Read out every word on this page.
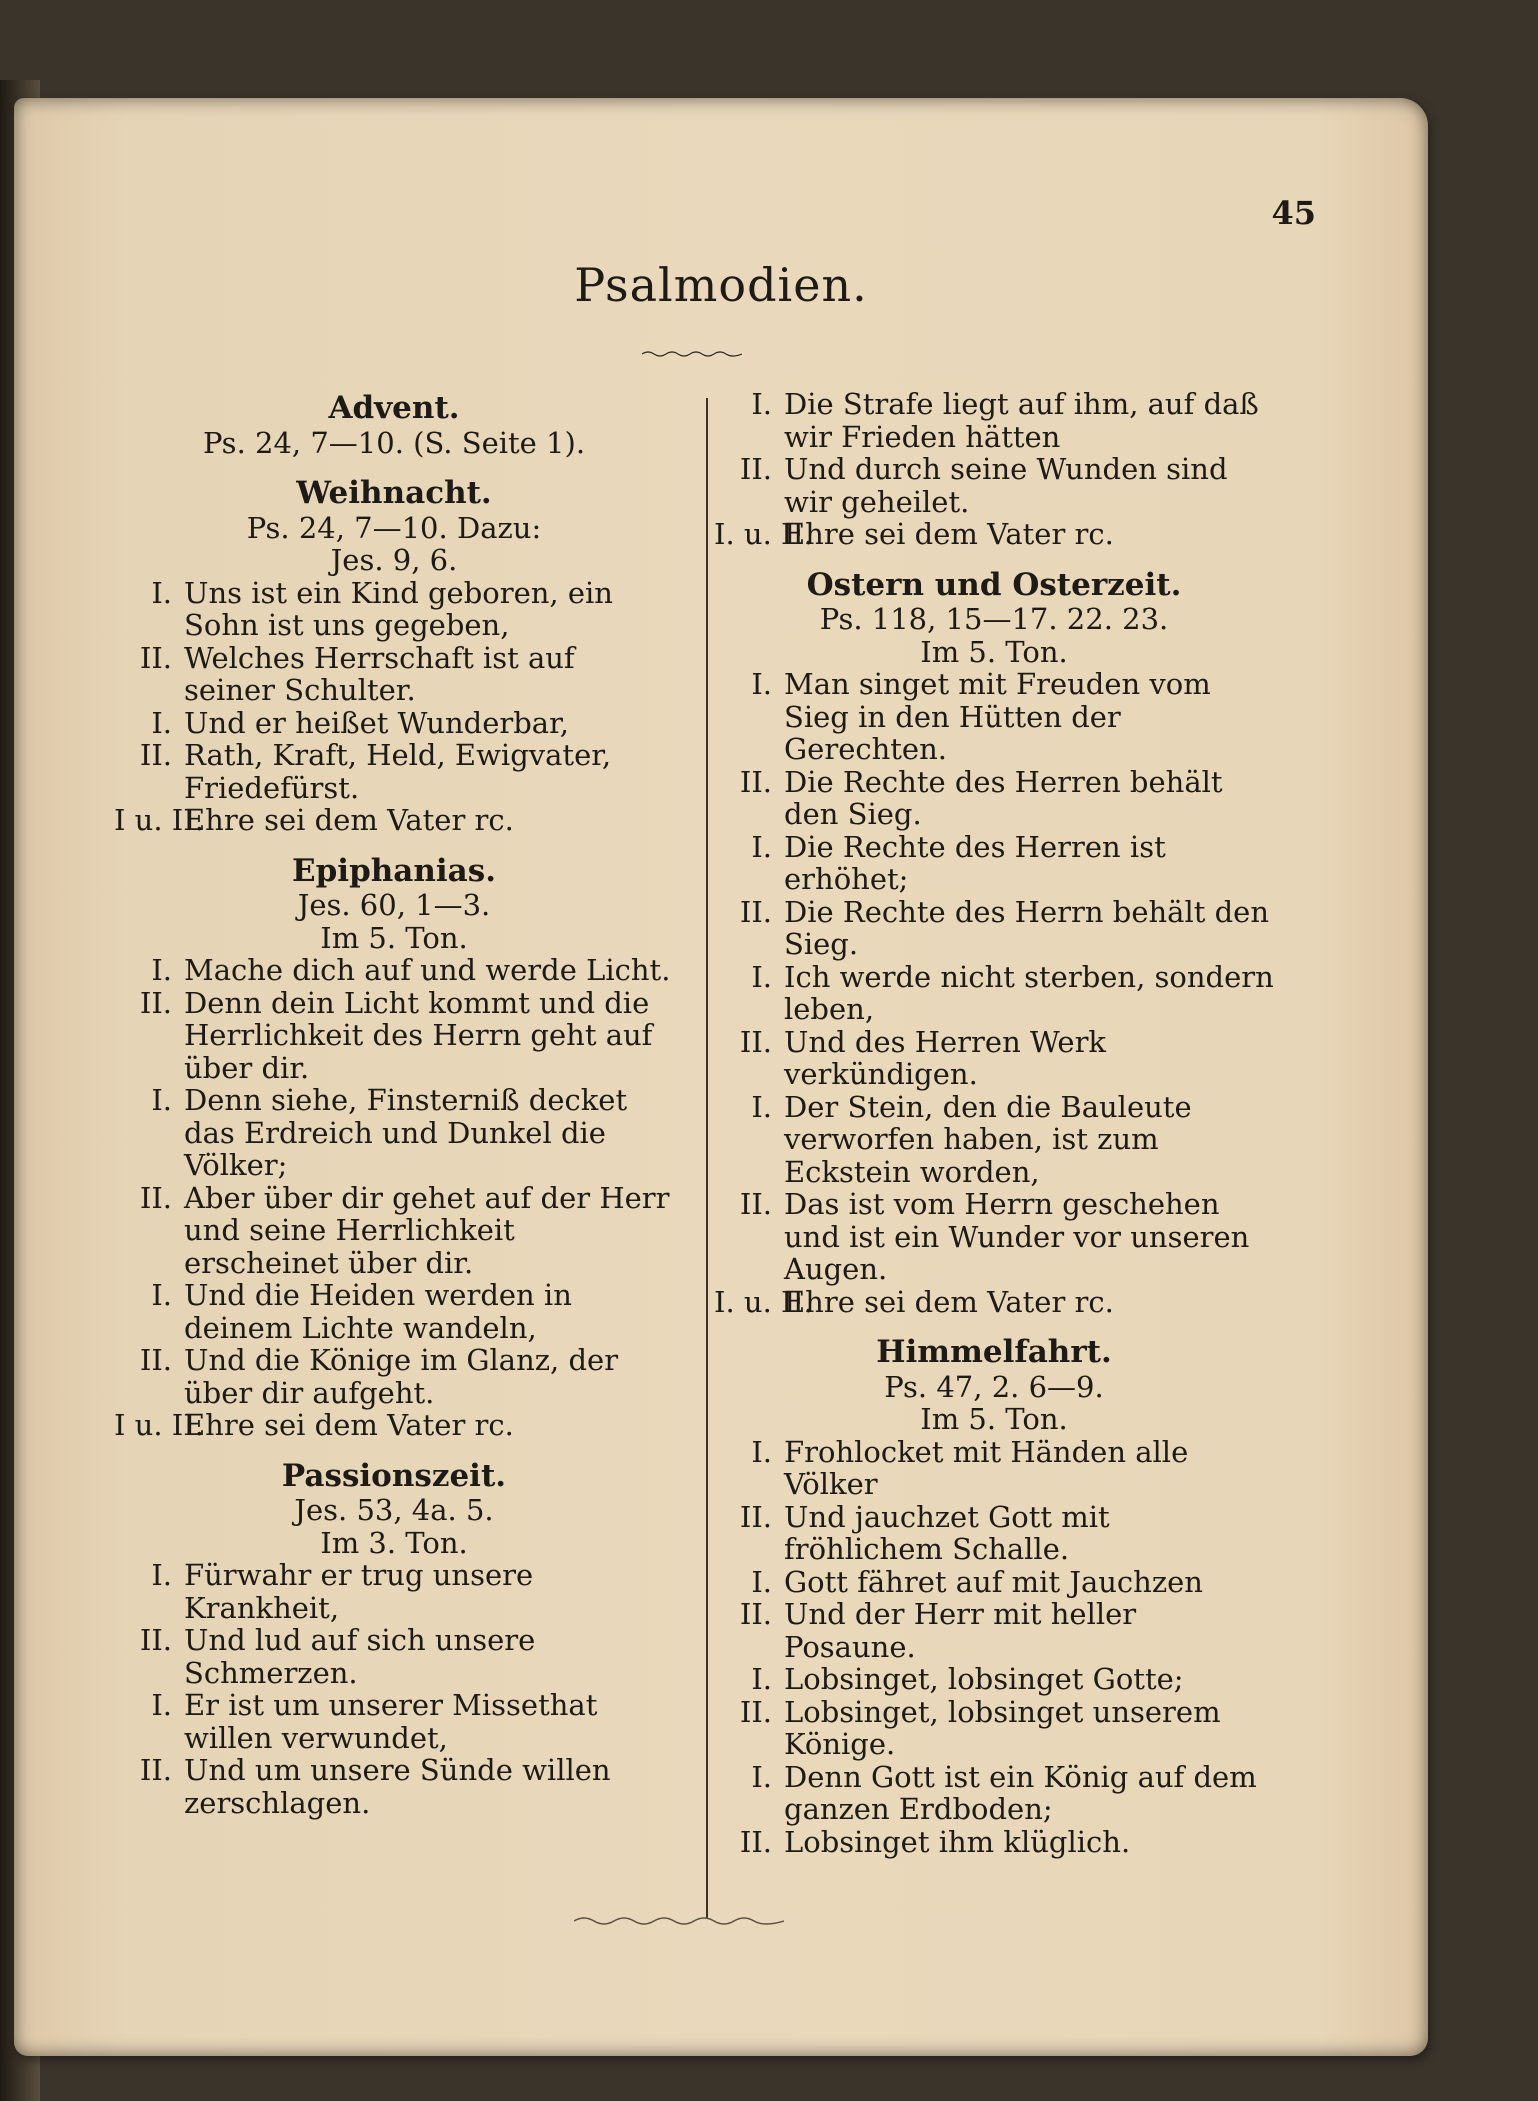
45
Psalmodien.
Advent.
Ps. 24, 7—10. (S. Seite 1).
Weihnacht.
Ps. 24, 7—10. Dazu:
Jes. 9, 6.
I. Uns ist ein Kind geboren, ein Sohn ist uns gegeben,
II. Welches Herrschaft ist auf seiner Schulter.
I. Und er heißet Wunderbar,
II. Rath, Kraft, Held, Ewigvater, Friedefürst.
I u. II.
Ehre sei dem Vater rc.
Epiphanias.
Jes. 60, 1—3.
Im 5. Ton.
I. Mache dich auf und werde Licht.
II. Denn dein Licht kommt und die Herrlichkeit des Herrn geht auf über dir.
I. Denn siehe, Finsterniß decket das Erdreich und Dunkel die Völker;
II. Aber über dir gehet auf der Herr und seine Herrlichkeit erscheinet über dir.
I. Und die Heiden werden in deinem Lichte wandeln,
II. Und die Könige im Glanz, der über dir aufgeht.
I u. II.
Ehre sei dem Vater rc.
Passionszeit.
Jes. 53, 4a. 5.
Im 3. Ton.
I. Fürwahr er trug unsere Krankheit,
II. Und lud auf sich unsere Schmerzen.
I. Er ist um unserer Missethat willen verwundet,
II. Und um unsere Sünde willen zerschlagen.
I. Die Strafe liegt auf ihm, auf daß wir Frieden hätten
II. Und durch seine Wunden sind wir geheilet.
I. u. II.
Ehre sei dem Vater rc.
Ostern und Osterzeit.
Ps. 118, 15—17. 22. 23.
Im 5. Ton.
I. Man singet mit Freuden vom Sieg in den Hütten der Gerechten.
II. Die Rechte des Herren behält den Sieg.
I. Die Rechte des Herren ist erhöhet;
II. Die Rechte des Herrn behält den Sieg.
I. Ich werde nicht sterben, sondern leben,
II. Und des Herren Werk verkündigen.
I. Der Stein, den die Bauleute verworfen haben, ist zum Eckstein worden,
II. Das ist vom Herrn geschehen und ist ein Wunder vor unseren Augen.
I. u. II.
Ehre sei dem Vater rc.
Himmelfahrt.
Ps. 47, 2. 6—9.
Im 5. Ton.
I. Frohlocket mit Händen alle Völker
II. Und jauchzet Gott mit fröhlichem Schalle.
I. Gott fähret auf mit Jauchzen
II. Und der Herr mit heller Posaune.
I. Lobsinget, lobsinget Gotte;
II. Lobsinget, lobsinget unserem Könige.
I. Denn Gott ist ein König auf dem ganzen Erdboden;
II. Lobsinget ihm klüglich.
